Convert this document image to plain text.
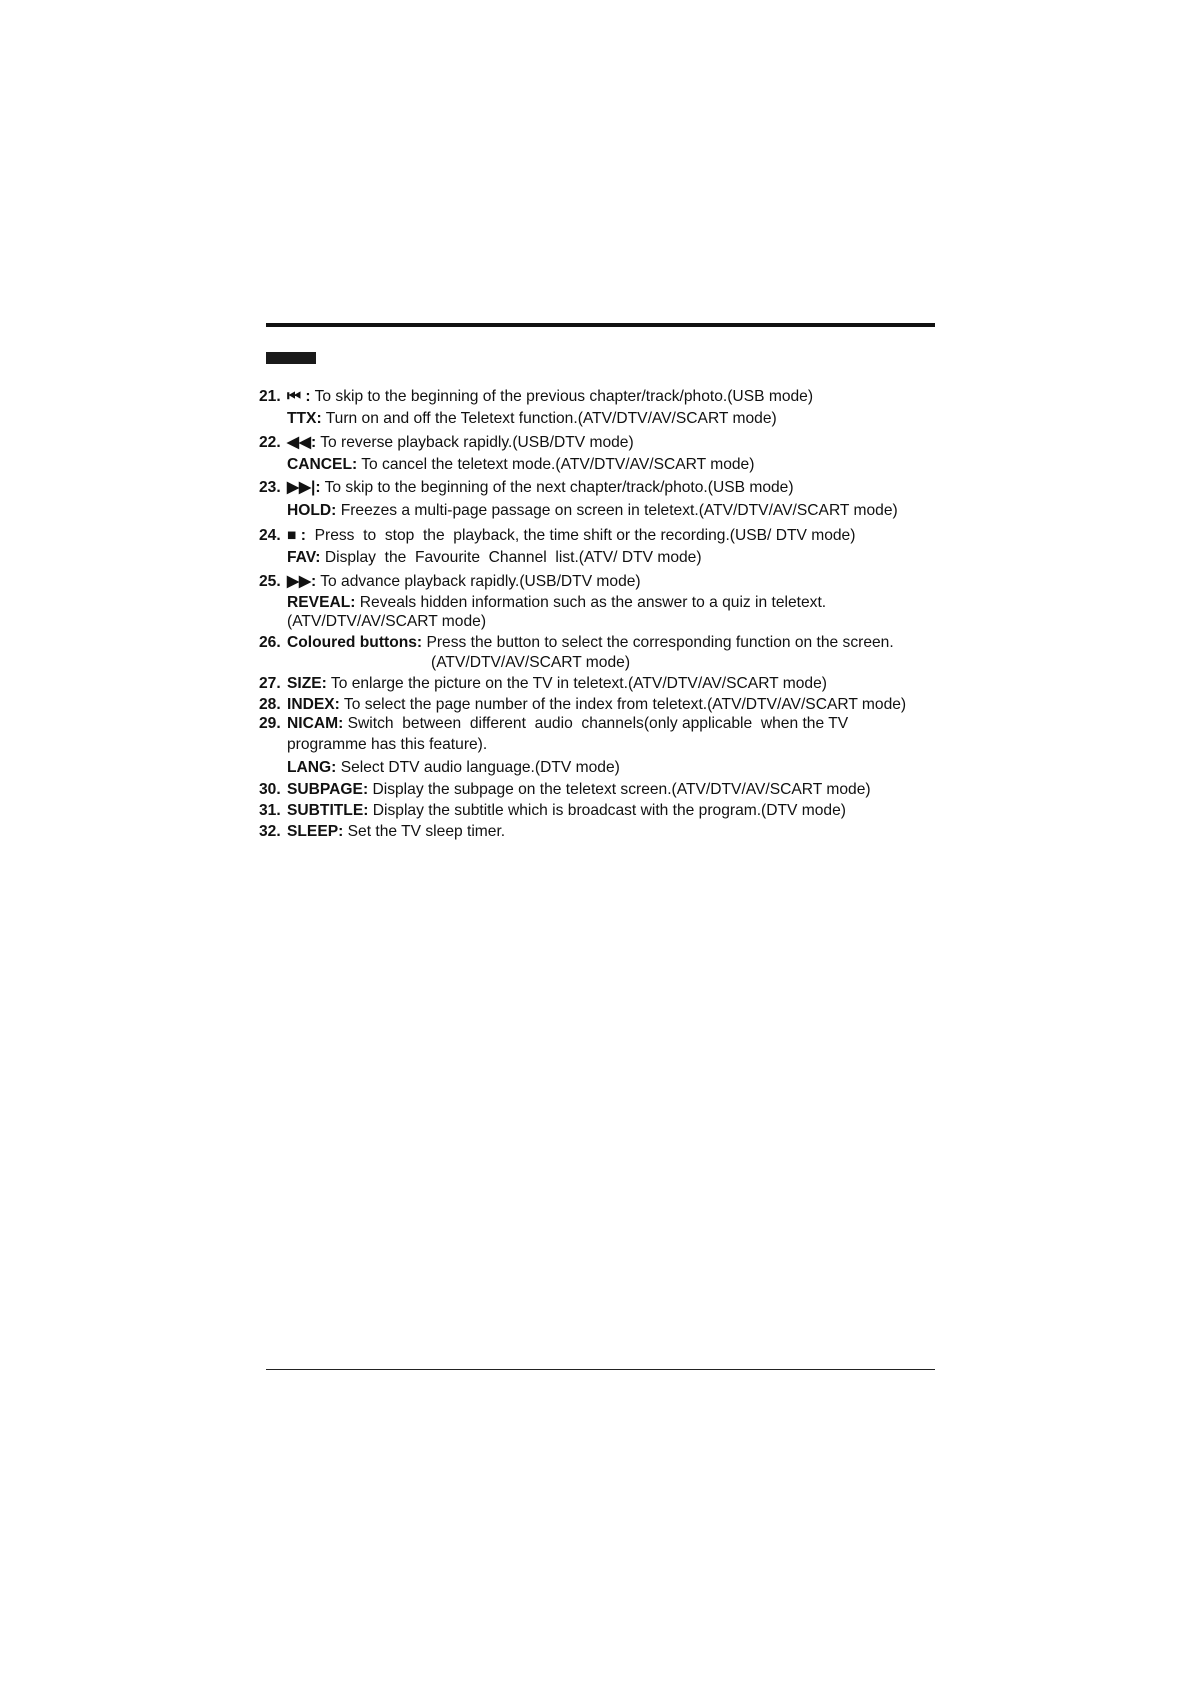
21. ⏮ : To skip to the beginning of the previous chapter/track/photo.(USB mode)
TTX: Turn on and off the Teletext function.(ATV/DTV/AV/SCART mode)
22. ◀◀: To reverse playback rapidly.(USB/DTV mode)
CANCEL: To cancel the teletext mode.(ATV/DTV/AV/SCART mode)
23. ▶▶|: To skip to the beginning of the next chapter/track/photo.(USB mode)
HOLD: Freezes a multi-page passage on screen in teletext.(ATV/DTV/AV/SCART mode)
24. ■ :  Press  to  stop  the  playback, the time shift or the recording.(USB/ DTV mode)
FAV: Display  the  Favourite  Channel  list.(ATV/ DTV mode)
25. ▶▶: To advance playback rapidly.(USB/DTV mode)
REVEAL: Reveals hidden information such as the answer to a quiz in teletext.
(ATV/DTV/AV/SCART mode)
26. Coloured buttons: Press the button to select the corresponding function on the screen.
(ATV/DTV/AV/SCART mode)
27. SIZE: To enlarge the picture on the TV in teletext.(ATV/DTV/AV/SCART mode)
28. INDEX: To select the page number of the index from teletext.(ATV/DTV/AV/SCART mode)
29. NICAM: Switch  between  different  audio  channels(only applicable  when the TV
programme has this feature).
LANG: Select DTV audio language.(DTV mode)
30. SUBPAGE: Display the subpage on the teletext screen.(ATV/DTV/AV/SCART mode)
31. SUBTITLE: Display the subtitle which is broadcast with the program.(DTV mode)
32. SLEEP: Set the TV sleep timer.
